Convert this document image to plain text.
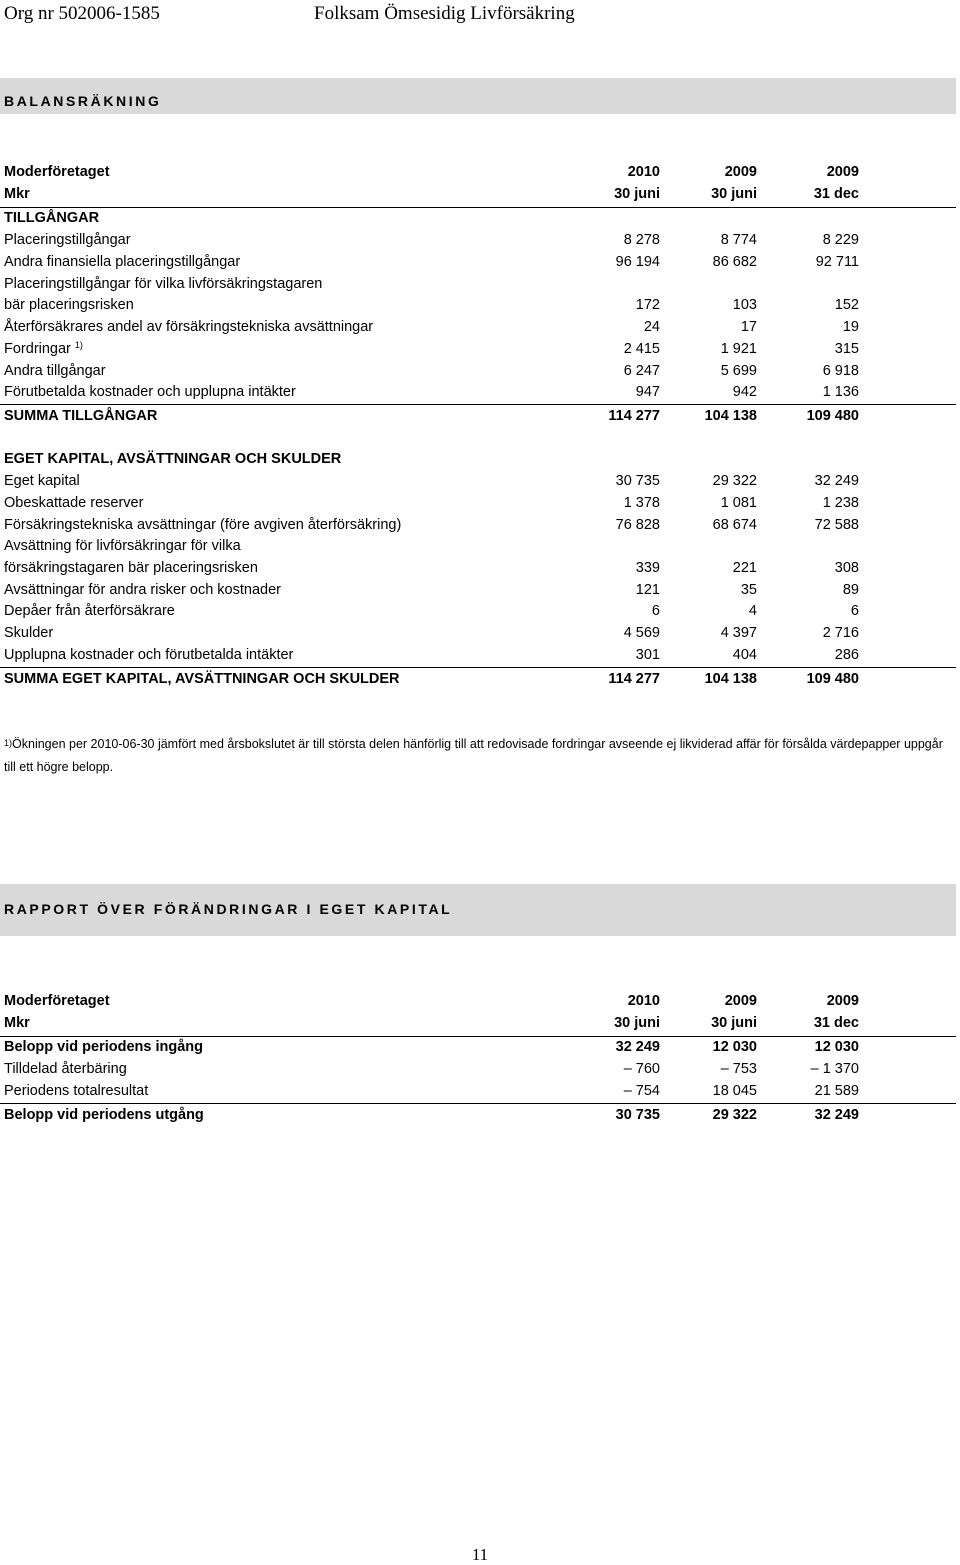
Org nr 502006-1585	Folksam Ömsesidig Livförsäkring
BALANSRÄKNING
Moderföretaget	2010	2009	2009
Mkr	30 juni	30 juni	31 dec
TILLGÅNGAR
Placeringstillgångar	8 278	8 774	8 229
Andra finansiella placeringstillgångar	96 194	86 682	92 711
Placeringstillgångar för vilka livförsäkringstagaren
bär placeringsrisken	172	103	152
Återförsäkrares andel av försäkringstekniska avsättningar	24	17	19
Fordringar $^{1)}$	2 415	1 921	315
Andra tillgångar	6 247	5 699	6 918
Förutbetalda kostnader och upplupna intäkter	947	942	1 136
SUMMA TILLGÅNGAR	114 277	104 138	109 480
EGET KAPITAL, AVSÄTTNINGAR OCH SKULDER
Eget kapital	30 735	29 322	32 249
Obeskattade reserver	1 378	1 081	1 238
Försäkringstekniska avsättningar (före avgiven återförsäkring)	76 828	68 674	72 588
Avsättning för livförsäkringar för vilka
försäkringstagaren bär placeringsrisken	339	221	308
Avsättningar för andra risker och kostnader	121	35	89
Depåer från återförsäkrare	6	4	6
Skulder	4 569	4 397	2 716
Upplupna kostnader och förutbetalda intäkter	301	404	286
SUMMA EGET KAPITAL, AVSÄTTNINGAR OCH SKULDER	114 277	104 138	109 480
$^{1)}$Ökningen per 2010-06-30 jämfört med årsbokslutet är till största delen hänförlig till att redovisade fordringar avseende ej likviderad affär för försålda värdepapper uppgår till ett högre belopp.
RAPPORT ÖVER FÖRÄNDRINGAR I EGET KAPITAL
Moderföretaget	2010	2009	2009
Mkr	30 juni	30 juni	31 dec
Belopp vid periodens ingång	32 249	12 030	12 030
Tilldelad återbäring	– 760	– 753	– 1 370
Periodens totalresultat	– 754	18 045	21 589
Belopp vid periodens utgång	30 735	29 322	32 249
11
